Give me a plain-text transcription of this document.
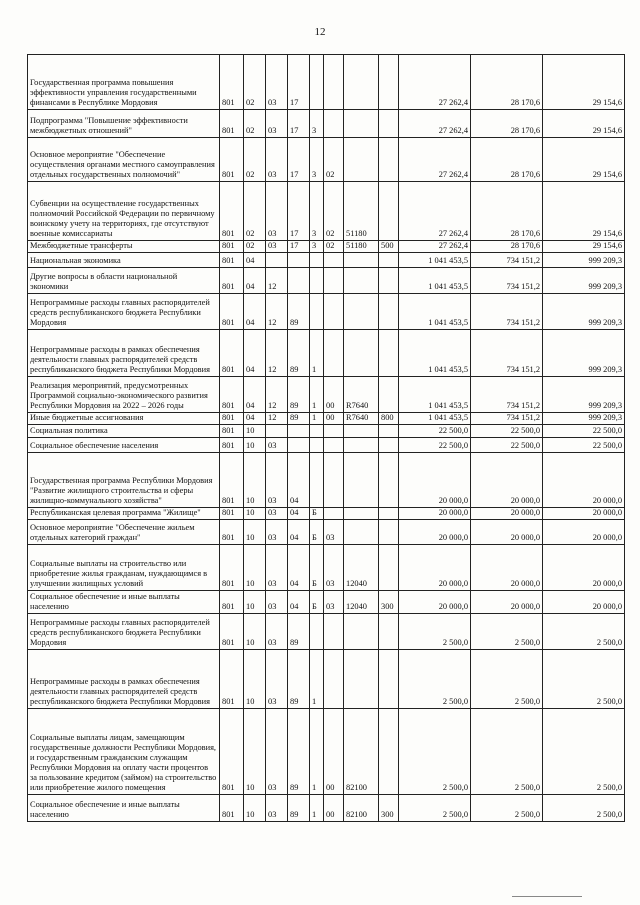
12
Государственная программа повышения эффективности управления государственными финансами в Республике Мордовия	801	02	03	17					27 262,4	28 170,6	29 154,6
Подпрограмма "Повышение эффективности межбюджетных отношений"	801	02	03	17	3				27 262,4	28 170,6	29 154,6
Основное мероприятие "Обеспечение осуществления органами местного самоуправления отдельных государственных полномочий"	801	02	03	17	3	02			27 262,4	28 170,6	29 154,6
Субвенции на осуществление государственных полномочий Российской Федерации по первичному воинскому учету на территориях, где отсутствуют военные комиссариаты	801	02	03	17	3	02	51180		27 262,4	28 170,6	29 154,6
Межбюджетные трансферты	801	02	03	17	3	02	51180	500	27 262,4	28 170,6	29 154,6
Национальная экономика	801	04							1 041 453,5	734 151,2	999 209,3
Другие вопросы в области национальной экономики	801	04	12						1 041 453,5	734 151,2	999 209,3
Непрограммные расходы главных распорядителей средств республиканского бюджета Республики Мордовия	801	04	12	89					1 041 453,5	734 151,2	999 209,3
Непрограммные расходы в рамках обеспечения деятельности главных распорядителей средств республиканского бюджета Республики Мордовия	801	04	12	89	1				1 041 453,5	734 151,2	999 209,3
Реализация мероприятий, предусмотренных Программой социально-экономического развития Республики Мордовия на 2022 – 2026 годы	801	04	12	89	1	00	R7640		1 041 453,5	734 151,2	999 209,3
Иные бюджетные ассигнования	801	04	12	89	1	00	R7640	800	1 041 453,5	734 151,2	999 209,3
Социальная политика	801	10							22 500,0	22 500,0	22 500,0
Социальное обеспечение населения	801	10	03						22 500,0	22 500,0	22 500,0
Государственная программа Республики Мордовия "Развитие жилищного строительства и сферы жилищно-коммунального хозяйства"	801	10	03	04					20 000,0	20 000,0	20 000,0
Республиканская целевая программа "Жилище"	801	10	03	04	Б				20 000,0	20 000,0	20 000,0
Основное мероприятие "Обеспечение жильем отдельных категорий граждан"	801	10	03	04	Б	03			20 000,0	20 000,0	20 000,0
Социальные выплаты на строительство или приобретение жилья гражданам, нуждающимся в улучшении жилищных условий	801	10	03	04	Б	03	12040		20 000,0	20 000,0	20 000,0
Социальное обеспечение и иные выплаты населению	801	10	03	04	Б	03	12040	300	20 000,0	20 000,0	20 000,0
Непрограммные расходы главных распорядителей средств республиканского бюджета Республики Мордовия	801	10	03	89					2 500,0	2 500,0	2 500,0
Непрограммные расходы в рамках обеспечения деятельности главных распорядителей средств республиканского бюджета Республики Мордовия	801	10	03	89	1				2 500,0	2 500,0	2 500,0
Социальные выплаты лицам, замещающим государственные должности Республики Мордовия, и государственным гражданским служащим Республики Мордовия на оплату части процентов за пользование кредитом (займом) на строительство или приобретение жилого помещения	801	10	03	89	1	00	82100		2 500,0	2 500,0	2 500,0
Социальное обеспечение и иные выплаты населению	801	10	03	89	1	00	82100	300	2 500,0	2 500,0	2 500,0
